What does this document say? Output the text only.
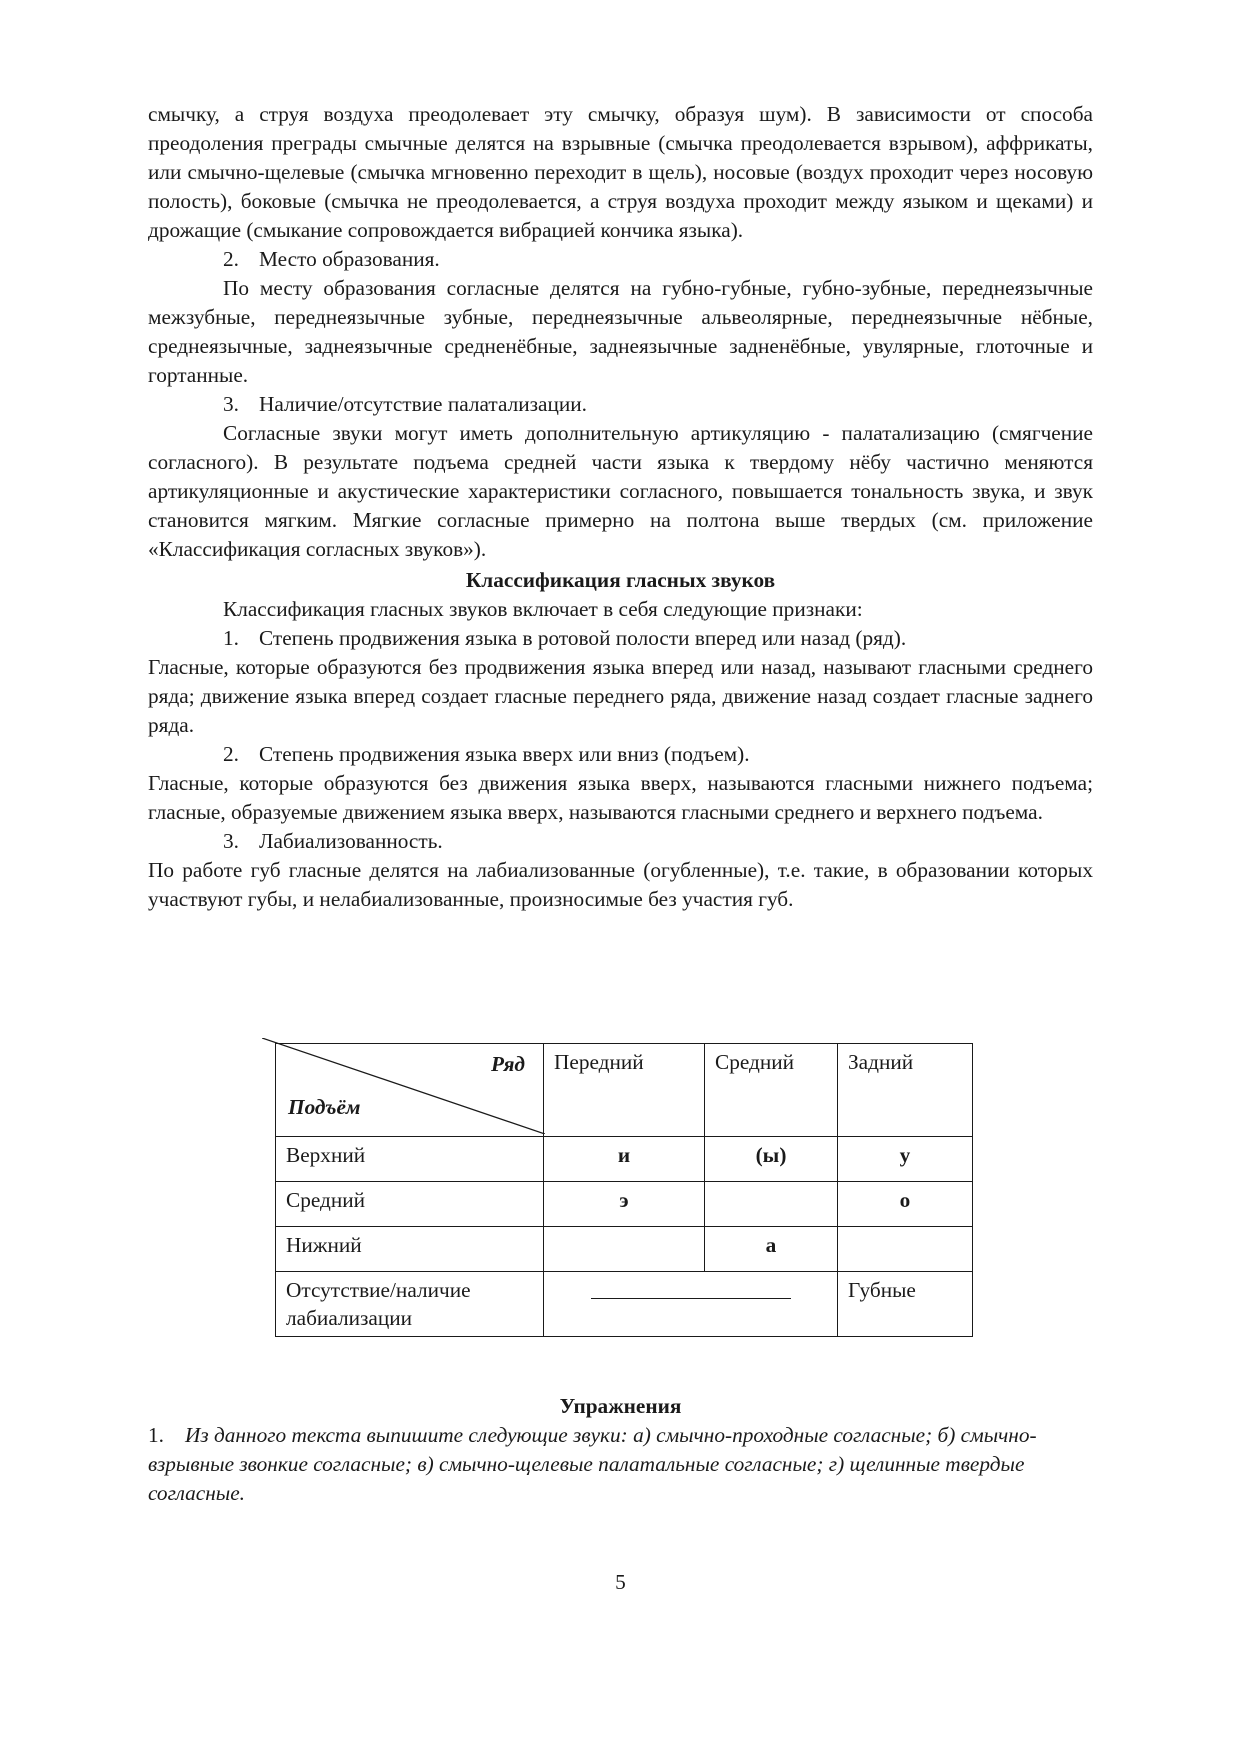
смычку, а струя воздуха преодолевает эту смычку, образуя шум). В зависимости от способа преодоления преграды смычные делятся на взрывные (смычка преодолевается взрывом), аффрикаты, или смычно-щелевые (смычка мгновенно переходит в щель), носовые (воздух проходит через носовую полость), боковые (смычка не преодолевается, а струя воздуха проходит между языком и щеками) и дрожащие (смыкание сопровождается вибрацией кончика языка).

2. Место образования.

По месту образования согласные делятся на губно-губные, губно-зубные, переднеязычные межзубные, переднеязычные зубные, переднеязычные альвеолярные, переднеязычные нёбные, среднеязычные, заднеязычные средненёбные, заднеязычные задненёбные, увулярные, глоточные и гортанные.

3. Наличие/отсутствие палатализации.

Согласные звуки могут иметь дополнительную артикуляцию - палатализацию (смягчение согласного). В результате подъема средней части языка к твердому нёбу частично меняются артикуляционные и акустические характеристики согласного, повышается тональность звука, и звук становится мягким. Мягкие согласные примерно на полтона выше твердых (см. приложение «Классификация согласных звуков»).

Классификация гласных звуков

Классификация гласных звуков включает в себя следующие признаки:

1. Степень продвижения языка в ротовой полости вперед или назад (ряд).

Гласные, которые образуются без продвижения языка вперед или назад, называют гласными среднего ряда; движение языка вперед создает гласные переднего ряда, движение назад создает гласные заднего ряда.

2. Степень продвижения языка вверх или вниз (подъем).

Гласные, которые образуются без движения языка вверх, называются гласными нижнего подъема; гласные, образуемые движением языка вверх, называются гласными среднего и верхнего подъема.

3. Лабиализованность.

По работе губ гласные делятся на лабиализованные (огубленные), т.е. такие, в образовании которых участвуют губы, и нелабиализованные, произносимые без участия губ.

Ряд
Подъём	Передний	Средний	Задний
Верхний	и	(ы)	у
Средний	э		о
Нижний		а	
Отсутствие/наличие лабиализации			Губные

Упражнения

1. Из данного текста выпишите следующие звуки: а) смычно-проходные согласные; б) смычно-взрывные звонкие согласные; в) смычно-щелевые палатальные согласные; г) щелинные твердые согласные.

5
